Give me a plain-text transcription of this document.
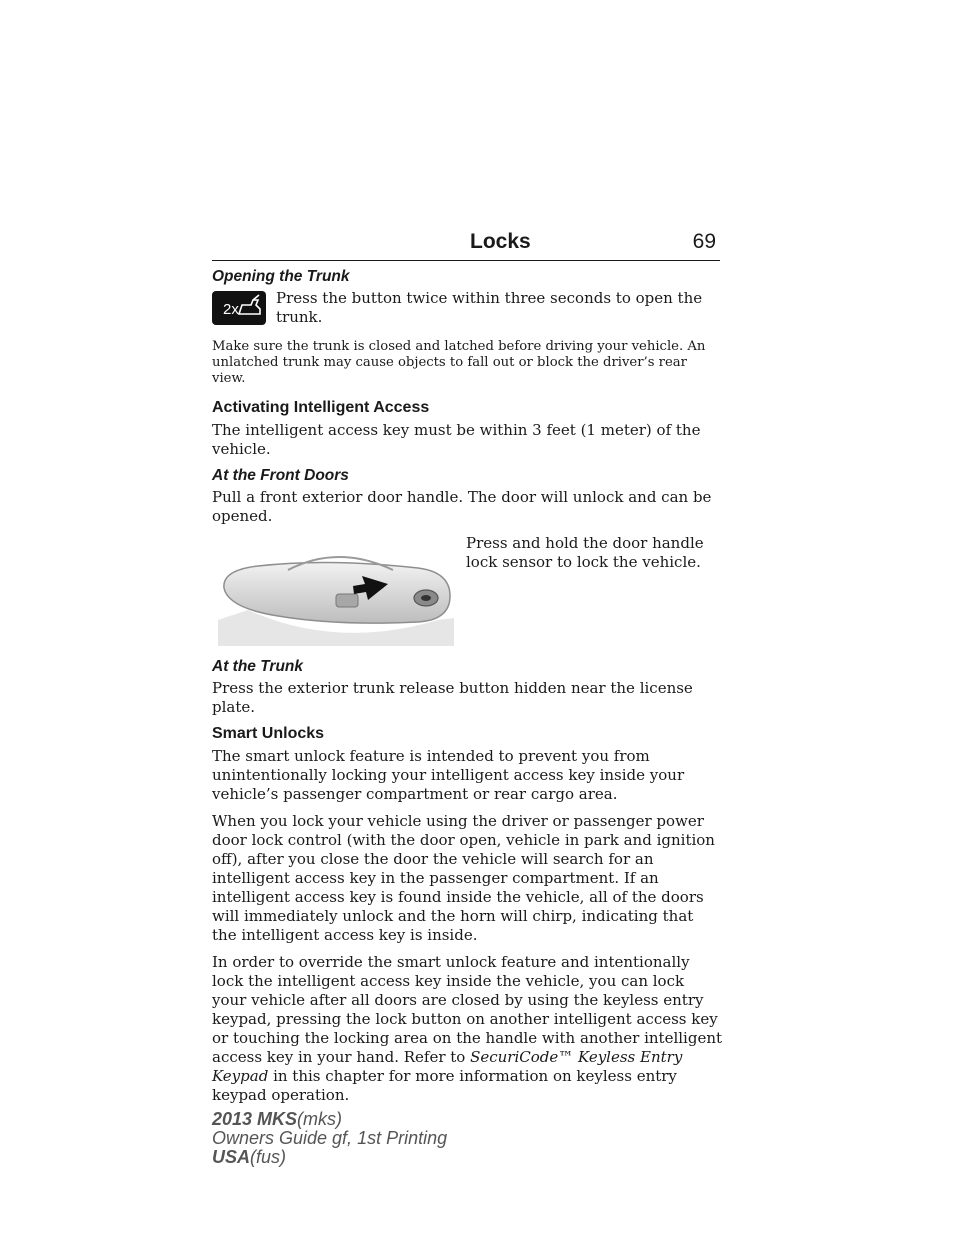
Locks	69
Opening the Trunk
2x

Press the button twice within three seconds to open the trunk.

Make sure the trunk is closed and latched before driving your vehicle. An unlatched trunk may cause objects to fall out or block the driver’s rear view.

Activating Intelligent Access

The intelligent access key must be within 3 feet (1 meter) of the vehicle.

At the Front Doors

Pull a front exterior door handle. The door will unlock and can be opened.

Press and hold the door handle lock sensor to lock the vehicle.

At the Trunk

Press the exterior trunk release button hidden near the license plate.

Smart Unlocks

The smart unlock feature is intended to prevent you from unintentionally locking your intelligent access key inside your vehicle’s passenger compartment or rear cargo area.

When you lock your vehicle using the driver or passenger power door lock control (with the door open, vehicle in park and ignition off), after you close the door the vehicle will search for an intelligent access key in the passenger compartment. If an intelligent access key is found inside the vehicle, all of the doors will immediately unlock and the horn will chirp, indicating that the intelligent access key is inside.

In order to override the smart unlock feature and intentionally lock the intelligent access key inside the vehicle, you can lock your vehicle after all doors are closed by using the keyless entry keypad, pressing the lock button on another intelligent access key or touching the locking area on the handle with another intelligent access key in your hand. Refer to SecuriCode™ Keyless Entry Keypad in this chapter for more information on keyless entry keypad operation.

2013 MKS(mks)
Owners Guide gf, 1st Printing
USA(fus)
